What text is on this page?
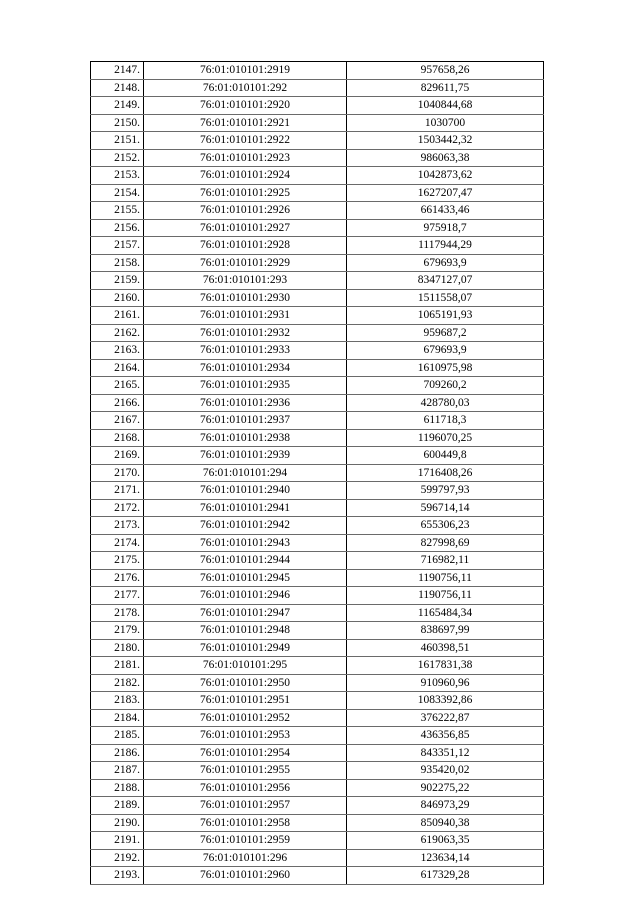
2147.	76:01:010101:2919	957658,26
2148.	76:01:010101:292	829611,75
2149.	76:01:010101:2920	1040844,68
2150.	76:01:010101:2921	1030700
2151.	76:01:010101:2922	1503442,32
2152.	76:01:010101:2923	986063,38
2153.	76:01:010101:2924	1042873,62
2154.	76:01:010101:2925	1627207,47
2155.	76:01:010101:2926	661433,46
2156.	76:01:010101:2927	975918,7
2157.	76:01:010101:2928	1117944,29
2158.	76:01:010101:2929	679693,9
2159.	76:01:010101:293	8347127,07
2160.	76:01:010101:2930	1511558,07
2161.	76:01:010101:2931	1065191,93
2162.	76:01:010101:2932	959687,2
2163.	76:01:010101:2933	679693,9
2164.	76:01:010101:2934	1610975,98
2165.	76:01:010101:2935	709260,2
2166.	76:01:010101:2936	428780,03
2167.	76:01:010101:2937	611718,3
2168.	76:01:010101:2938	1196070,25
2169.	76:01:010101:2939	600449,8
2170.	76:01:010101:294	1716408,26
2171.	76:01:010101:2940	599797,93
2172.	76:01:010101:2941	596714,14
2173.	76:01:010101:2942	655306,23
2174.	76:01:010101:2943	827998,69
2175.	76:01:010101:2944	716982,11
2176.	76:01:010101:2945	1190756,11
2177.	76:01:010101:2946	1190756,11
2178.	76:01:010101:2947	1165484,34
2179.	76:01:010101:2948	838697,99
2180.	76:01:010101:2949	460398,51
2181.	76:01:010101:295	1617831,38
2182.	76:01:010101:2950	910960,96
2183.	76:01:010101:2951	1083392,86
2184.	76:01:010101:2952	376222,87
2185.	76:01:010101:2953	436356,85
2186.	76:01:010101:2954	843351,12
2187.	76:01:010101:2955	935420,02
2188.	76:01:010101:2956	902275,22
2189.	76:01:010101:2957	846973,29
2190.	76:01:010101:2958	850940,38
2191.	76:01:010101:2959	619063,35
2192.	76:01:010101:296	123634,14
2193.	76:01:010101:2960	617329,28
